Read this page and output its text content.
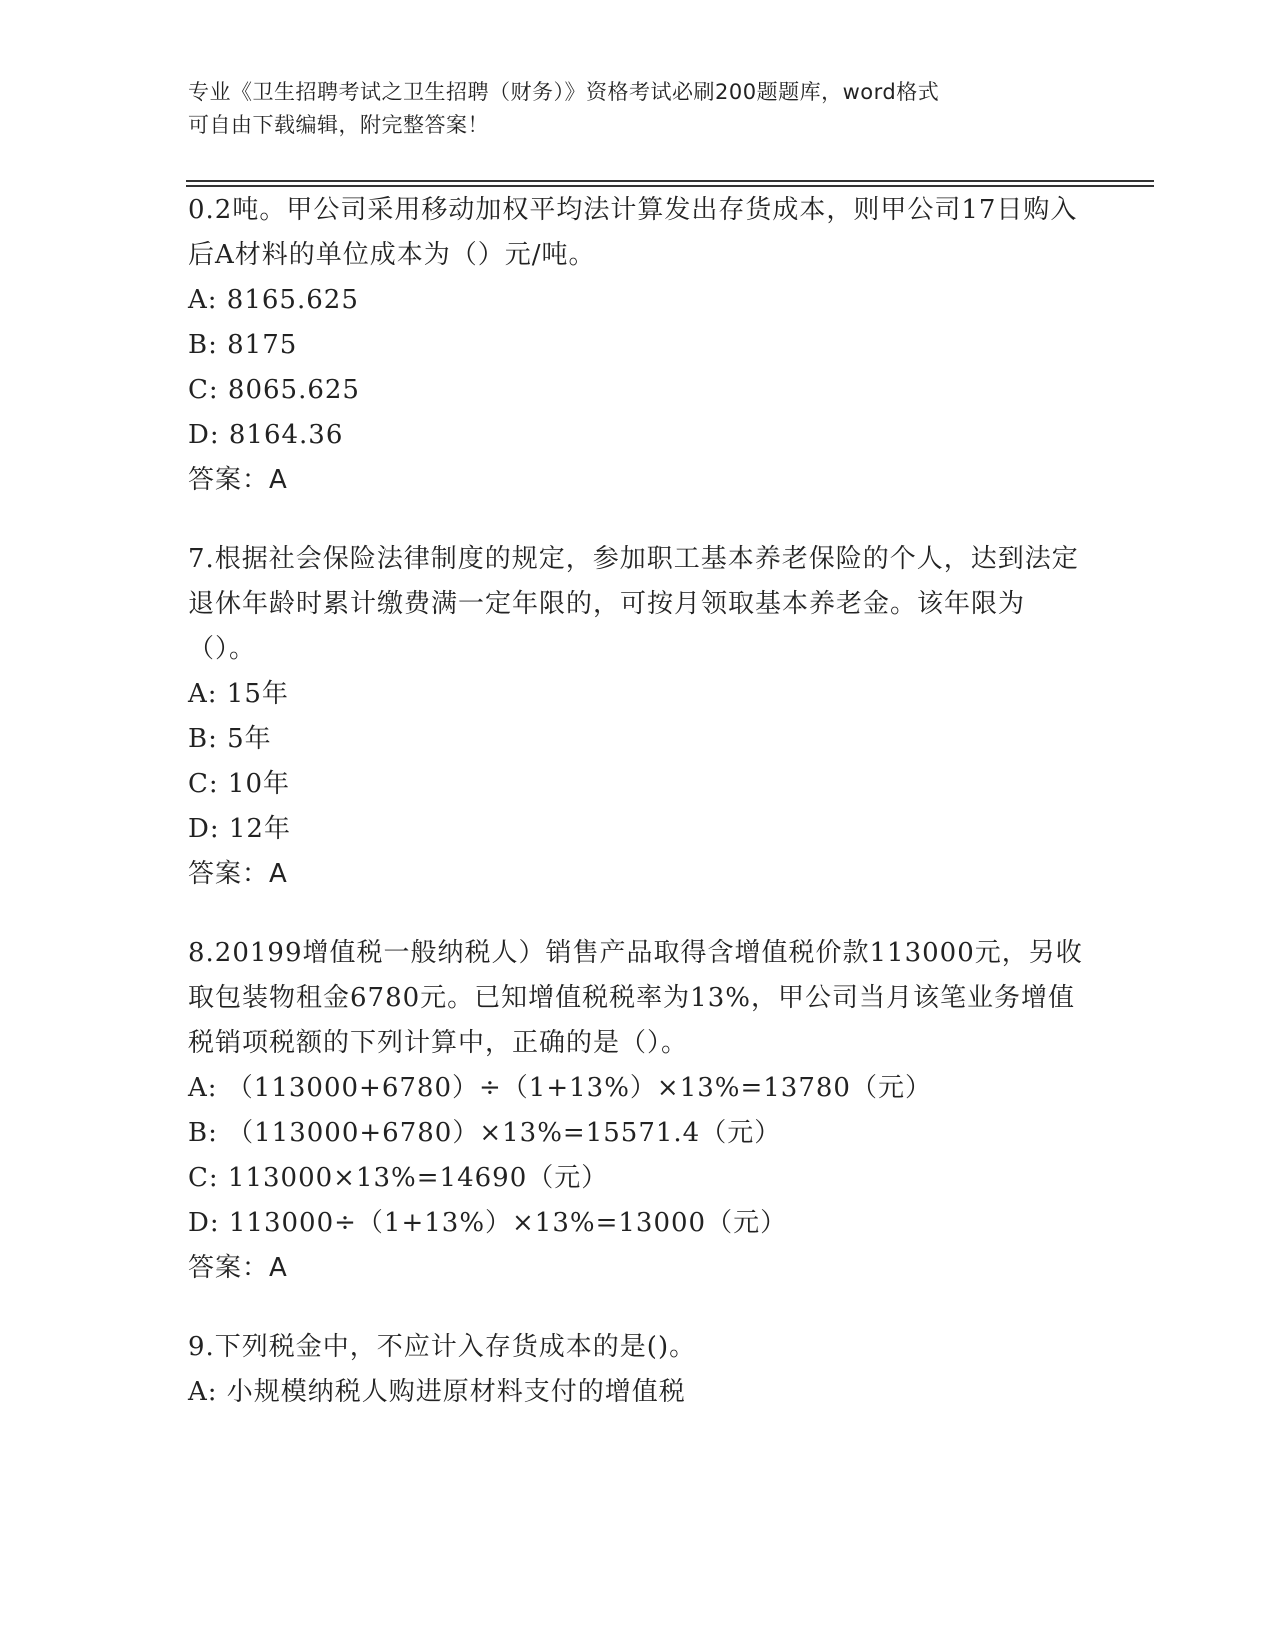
专业《卫生招聘考试之卫生招聘（财务）》资格考试必刷200题题库，word格式
可自由下载编辑，附完整答案！
0.2吨。甲公司采用移动加权平均法计算发出存货成本，则甲公司17日购入后A材料的单位成本为（）元/吨。
A: 8165.625
B: 8175
C: 8065.625
D: 8164.36
答案：A
7.根据社会保险法律制度的规定，参加职工基本养老保险的个人，达到法定退休年龄时累计缴费满一定年限的，可按月领取基本养老金。该年限为（）。
A: 15年
B: 5年
C: 10年
D: 12年
答案：A
8.20199增值税一般纳税人）销售产品取得含增值税价款113000元，另收取包装物租金6780元。已知增值税税率为13%，甲公司当月该笔业务增值税销项税额的下列计算中，正确的是（）。
A: （113000+6780）÷（1+13%）×13%=13780（元）
B: （113000+6780）×13%=15571.4（元）
C: 113000×13%=14690（元）
D: 113000÷（1+13%）×13%=13000（元）
答案：A
9.下列税金中，不应计入存货成本的是()。
A: 小规模纳税人购进原材料支付的增值税
